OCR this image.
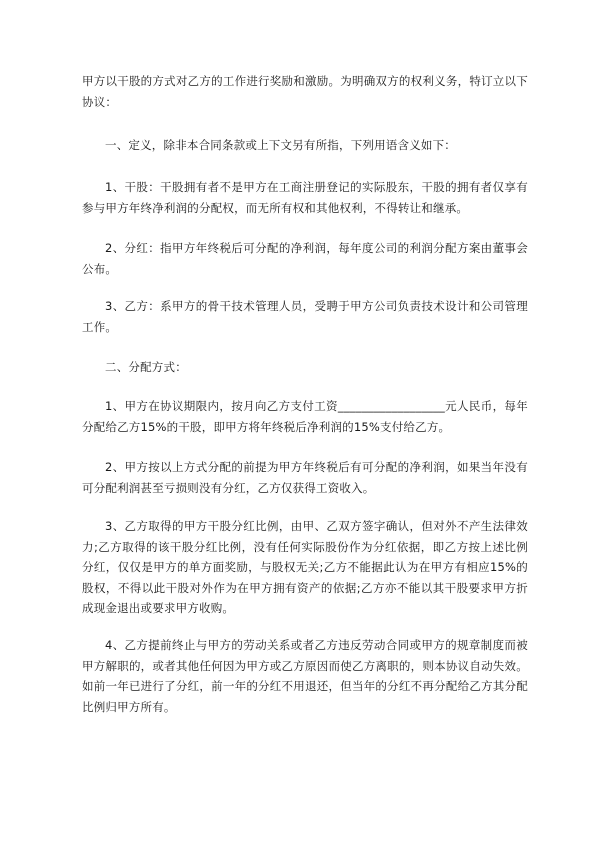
甲方以干股的方式对乙方的工作进行奖励和激励。为明确双方的权利义务，特订立以下协议：

一、定义，除非本合同条款或上下文另有所指，下列用语含义如下：

1、干股：干股拥有者不是甲方在工商注册登记的实际股东，干股的拥有者仅享有参与甲方年终净利润的分配权，而无所有权和其他权利，不得转让和继承。

2、分红：指甲方年终税后可分配的净利润，每年度公司的利润分配方案由董事会公布。

3、乙方：系甲方的骨干技术管理人员，受聘于甲方公司负责技术设计和公司管理工作。

二、分配方式：

1、甲方在协议期限内，按月向乙方支付工资__________________元人民币，每年分配给乙方15%的干股，即甲方将年终税后净利润的15%支付给乙方。

2、甲方按以上方式分配的前提为甲方年终税后有可分配的净利润，如果当年没有可分配利润甚至亏损则没有分红，乙方仅获得工资收入。

3、乙方取得的甲方干股分红比例，由甲、乙双方签字确认，但对外不产生法律效力;乙方取得的该干股分红比例，没有任何实际股份作为分红依据，即乙方按上述比例分红，仅仅是甲方的单方面奖励，与股权无关;乙方不能据此认为在甲方有相应15%的股权，不得以此干股对外作为在甲方拥有资产的依据;乙方亦不能以其干股要求甲方折成现金退出或要求甲方收购。

4、乙方提前终止与甲方的劳动关系或者乙方违反劳动合同或甲方的规章制度而被甲方解职的，或者其他任何因为甲方或乙方原因而使乙方离职的，则本协议自动失效。如前一年已进行了分红，前一年的分红不用退还，但当年的分红不再分配给乙方其分配比例归甲方所有。
